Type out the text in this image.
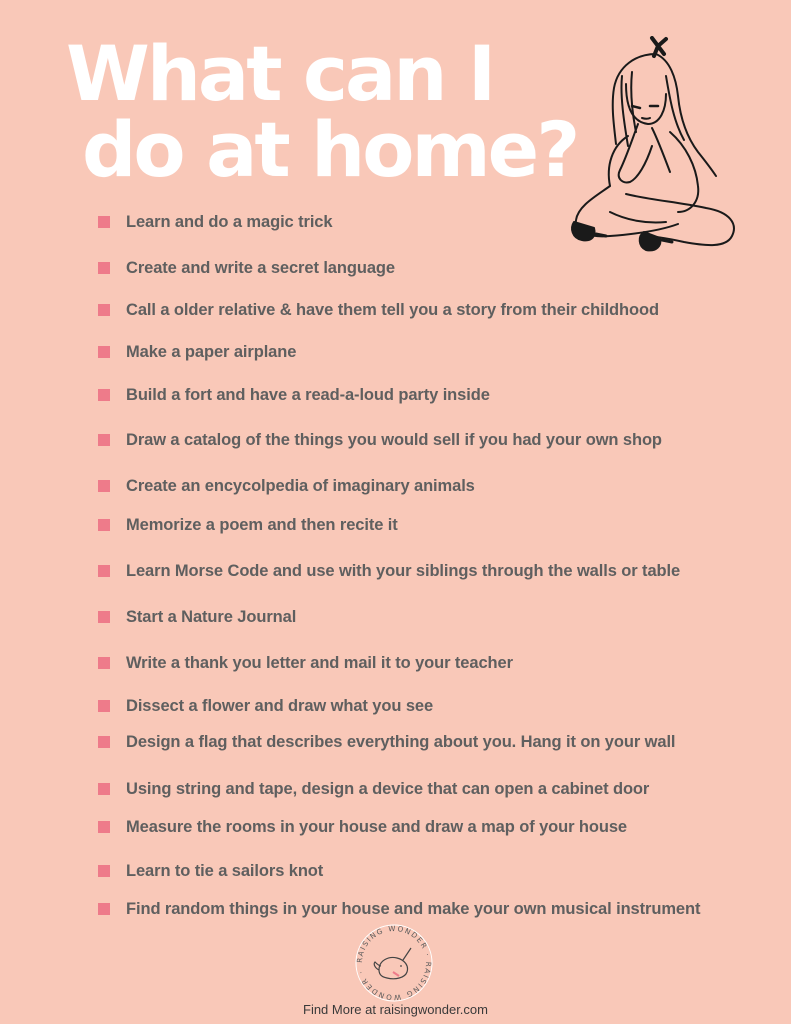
What can I
do at home?
Learn and do a magic trick
Create and write a secret language
Call a older relative & have them tell you a story from their childhood
Make a paper airplane
Build a fort and have a read-a-loud party inside
Draw a catalog of the things you would sell if you had your own shop
Create an encycolpedia of imaginary animals
Memorize a poem and then recite it
Learn Morse Code and use with your siblings through the walls or table
Start a Nature Journal
Write a thank you letter and mail it to your teacher
Dissect a flower and draw what you see
Design a flag that describes everything about you. Hang it on your wall
Using string and tape, design a device that can open a cabinet door
Measure the rooms in your house and draw a map of your house
Learn to tie a sailors knot
Find random things in your house and make your own musical instrument
RAISING WONDER · RAISING WONDER ·
Find More at raisingwonder.com
